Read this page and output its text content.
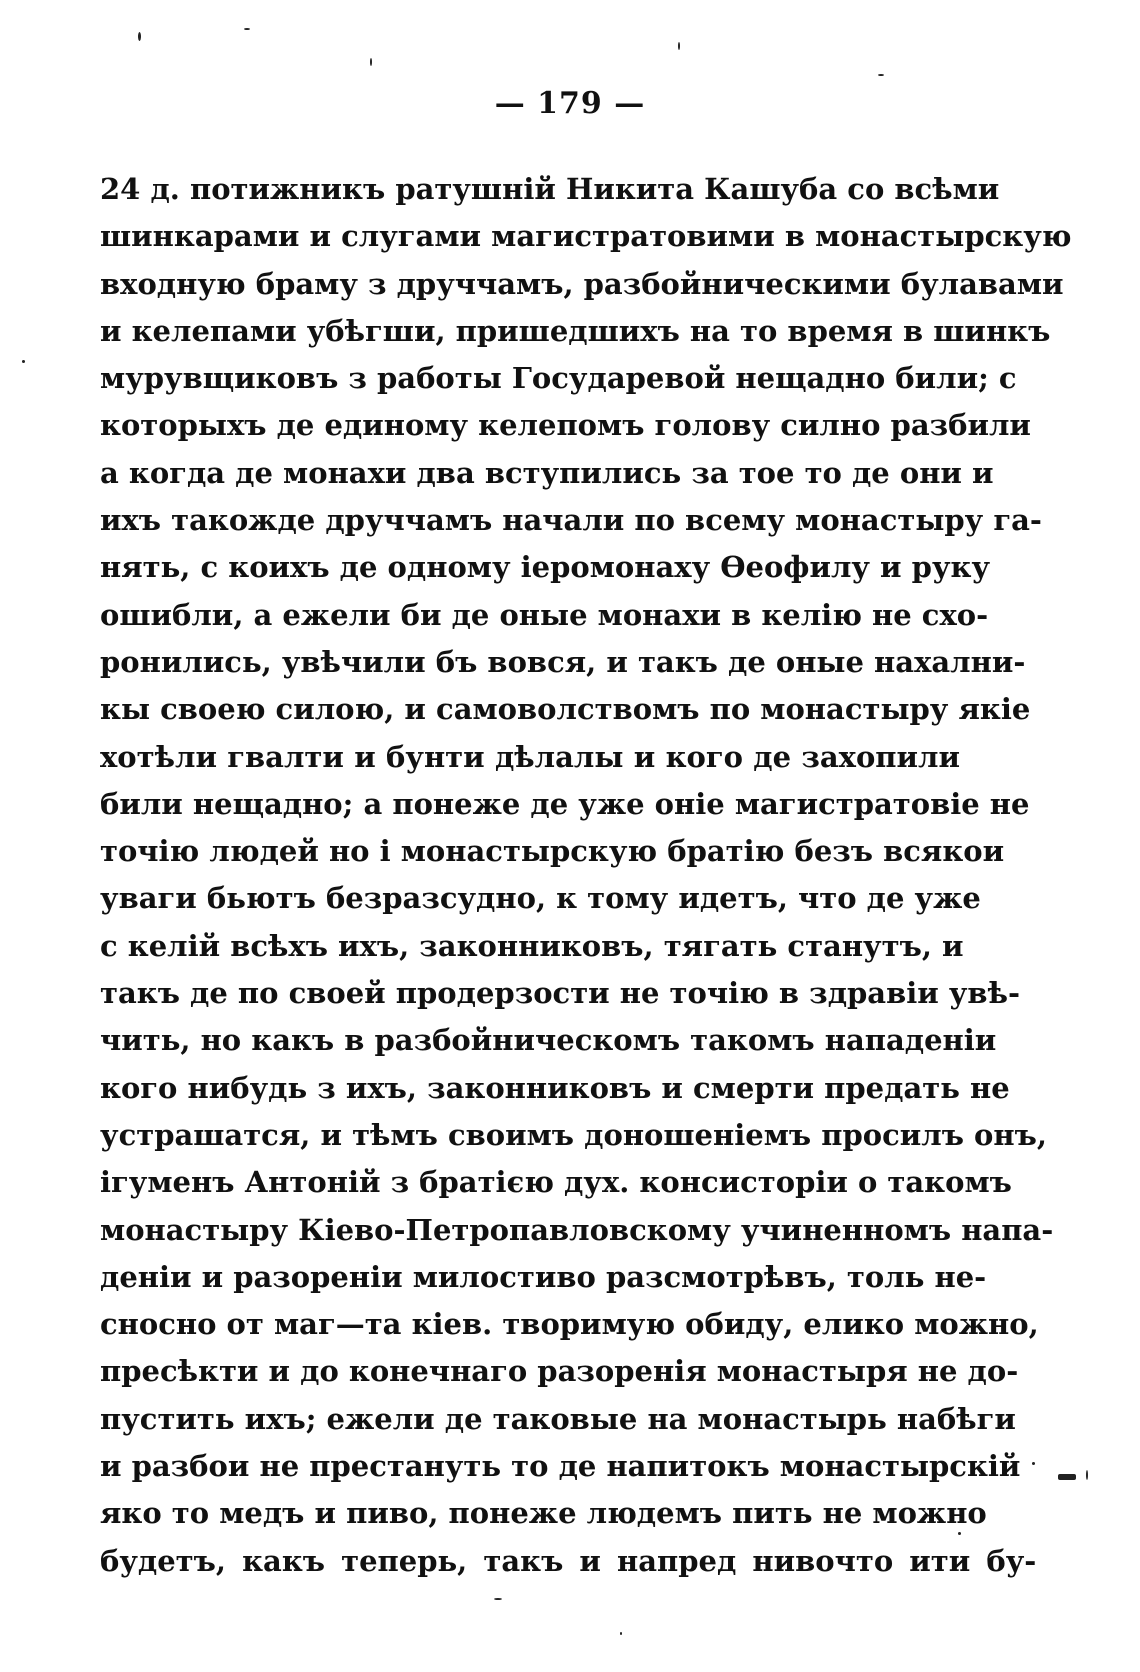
— 179 —
24 д. потижникъ ратушній Никита Кашуба со всѣми
шинкарами и слугами магистратовими в монастырскую
входную браму з друччамъ, разбойническими булавами
и келепами убѣгши, пришедшихъ на то время в шинкъ
мурувщиковъ з работы Государевой нещадно били; с
которыхъ де единому келепомъ голову силно разбили
а когда де монахи два вступились за тое то де они и
ихъ такожде друччамъ начали по всему монастыру га-
нять, с коихъ де одному іеромонаху Ѳеофилу и руку
ошибли, а ежели би де оные монахи в келію не схо-
ронились, увѣчили бъ вовся, и такъ де оные нахални-
кы своею силою, и самоволствомъ по монастыру якіе
хотѣли гвалти и бунти дѣлалы и кого де захопили
били нещадно; а понеже де уже оніе магистратовіе не
точію людей но і монастырскую братію безъ всякои
уваги бьютъ безразсудно, к тому идетъ, что де уже
с келій всѣхъ ихъ, законниковъ, тягать станутъ, и
такъ де по своей продерзости не точію в здравіи увѣ-
чить, но какъ в разбойническомъ такомъ нападеніи
кого нибудь з ихъ, законниковъ и смерти предать не
устрашатся, и тѣмъ своимъ доношеніемъ просилъ онъ,
ігуменъ Антоній з братією дух. консисторіи о такомъ
монастыру Кіево-Петропавловскому учиненномъ напа-
деніи и разореніи милостиво разсмотрѣвъ, толь не-
сносно от маг—та кіев. творимую обиду, елико можно,
пресѣкти и до конечнаго разоренія монастыря не до-
пустить ихъ; ежели де таковые на монастырь набѣги
и разбои не престануть то де напитокъ монастырскій
яко то медъ и пиво, понеже людемъ пить не можно
будетъ, какъ теперь, такъ и напред нивочто ити бу-
